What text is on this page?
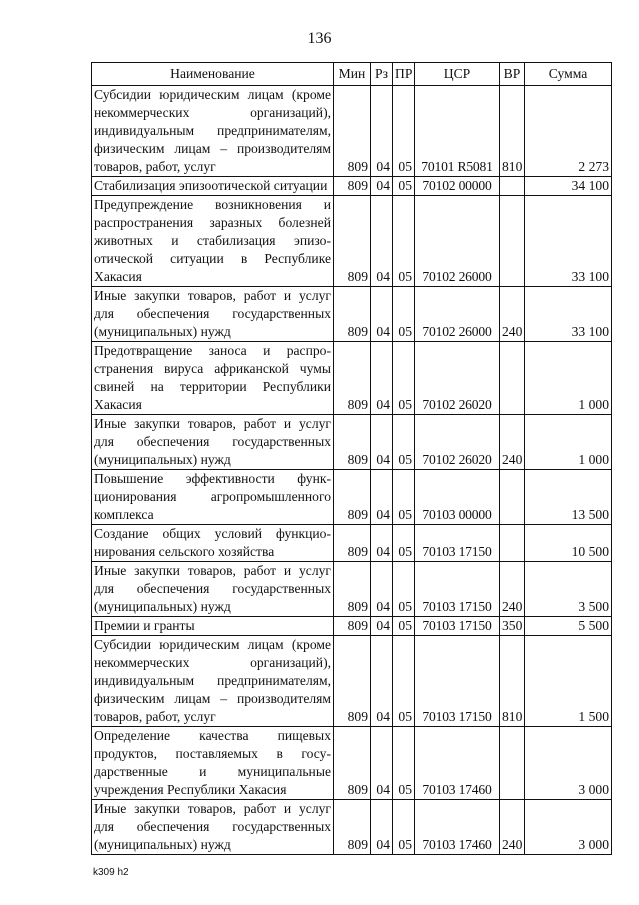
136
Наименование	Мин	Рз	ПР	ЦСР	ВР	Сумма
Субсидии юридическим лицам (кроме некоммерческих организаций), индивидуальным предпринимателям, физическим лицам – производителям товаров, работ, услуг	809	04	05	70101 R5081	810	2 273
Стабилизация эпизоотической ситуации	809	04	05	70102 00000		34 100
Предупреждение возникновения и распространения заразных болезней животных и стабилизация эпизоотической ситуации в Республике Хакасия	809	04	05	70102 26000		33 100
Иные закупки товаров, работ и услуг для обеспечения государственных (муниципальных) нужд	809	04	05	70102 26000	240	33 100
Предотвращение заноса и распространения вируса африканской чумы свиней на территории Республики Хакасия	809	04	05	70102 26020		1 000
Иные закупки товаров, работ и услуг для обеспечения государственных (муниципальных) нужд	809	04	05	70102 26020	240	1 000
Повышение эффективности функционирования агропромышленного комплекса	809	04	05	70103 00000		13 500
Создание общих условий функционирования сельского хозяйства	809	04	05	70103 17150		10 500
Иные закупки товаров, работ и услуг для обеспечения государственных (муниципальных) нужд	809	04	05	70103 17150	240	3 500
Премии и гранты	809	04	05	70103 17150	350	5 500
Субсидии юридическим лицам (кроме некоммерческих организаций), индивидуальным предпринимателям, физическим лицам – производителям товаров, работ, услуг	809	04	05	70103 17150	810	1 500
Определение качества пищевых продуктов, поставляемых в государственные и муниципальные учреждения Республики Хакасия	809	04	05	70103 17460		3 000
Иные закупки товаров, работ и услуг для обеспечения государственных (муниципальных) нужд	809	04	05	70103 17460	240	3 000
k309 h2
